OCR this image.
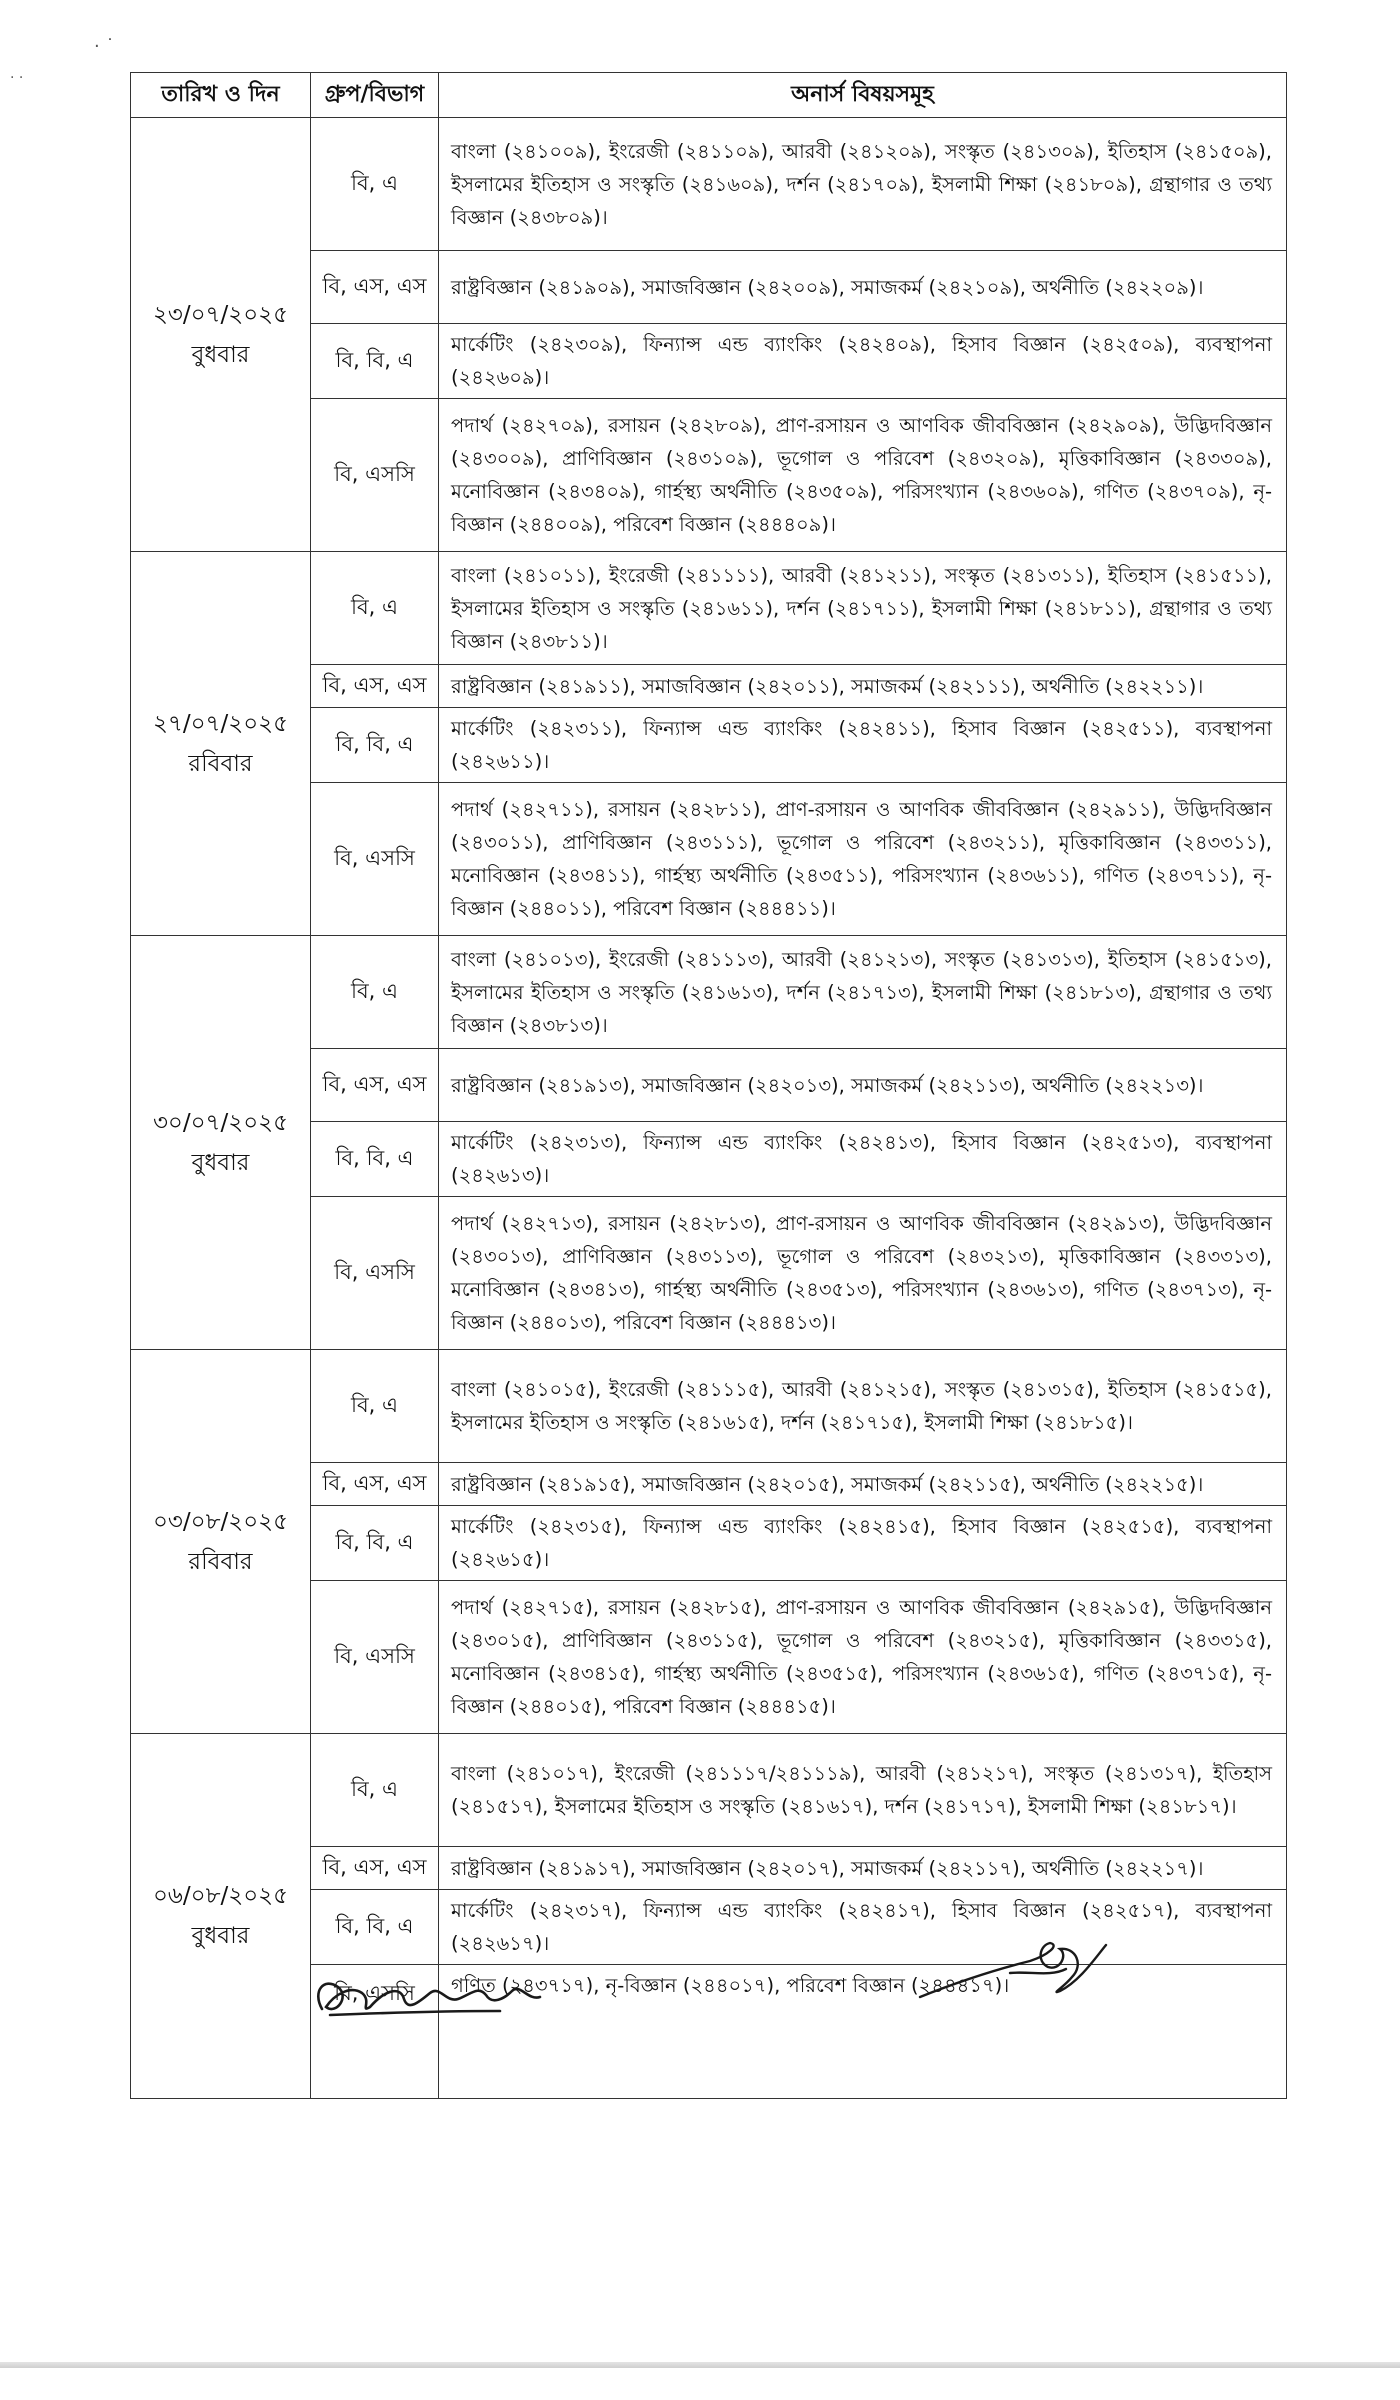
· ˙
· ·
তারিখ ও দিন	গ্রুপ/বিভাগ	অনার্স বিষয়সমূহ

২৩/০৭/২০২৫
বুধবার	বি, এ	বাংলা (২৪১০০৯), ইংরেজী (২৪১১০৯), আরবী (২৪১২০৯), সংস্কৃত (২৪১৩০৯), ইতিহাস (২৪১৫০৯), ইসলামের ইতিহাস ও সংস্কৃতি (২৪১৬০৯), দর্শন (২৪১৭০৯), ইসলামী শিক্ষা (২৪১৮০৯), গ্রন্থাগার ও তথ্য বিজ্ঞান (২৪৩৮০৯)।
	বি, এস, এস	রাষ্ট্রবিজ্ঞান (২৪১৯০৯), সমাজবিজ্ঞান (২৪২০০৯), সমাজকর্ম (২৪২১০৯), অর্থনীতি (২৪২২০৯)।
	বি, বি, এ	মার্কেটিং (২৪২৩০৯), ফিন্যান্স এন্ড ব্যাংকিং (২৪২৪০৯), হিসাব বিজ্ঞান (২৪২৫০৯), ব্যবস্থাপনা (২৪২৬০৯)।
	বি, এসসি	পদার্থ (২৪২৭০৯), রসায়ন (২৪২৮০৯), প্রাণ-রসায়ন ও আণবিক জীববিজ্ঞান (২৪২৯০৯), উদ্ভিদবিজ্ঞান (২৪৩০০৯), প্রাণিবিজ্ঞান (২৪৩১০৯), ভূগোল ও পরিবেশ (২৪৩২০৯), মৃত্তিকাবিজ্ঞান (২৪৩৩০৯), মনোবিজ্ঞান (২৪৩৪০৯), গার্হস্থ্য অর্থনীতি (২৪৩৫০৯), পরিসংখ্যান (২৪৩৬০৯), গণিত (২৪৩৭০৯), নৃ-বিজ্ঞান (২৪৪০০৯), পরিবেশ বিজ্ঞান (২৪৪৪০৯)।

২৭/০৭/২০২৫
রবিবার	বি, এ	বাংলা (২৪১০১১), ইংরেজী (২৪১১১১), আরবী (২৪১২১১), সংস্কৃত (২৪১৩১১), ইতিহাস (২৪১৫১১), ইসলামের ইতিহাস ও সংস্কৃতি (২৪১৬১১), দর্শন (২৪১৭১১), ইসলামী শিক্ষা (২৪১৮১১), গ্রন্থাগার ও তথ্য বিজ্ঞান (২৪৩৮১১)।
	বি, এস, এস	রাষ্ট্রবিজ্ঞান (২৪১৯১১), সমাজবিজ্ঞান (২৪২০১১), সমাজকর্ম (২৪২১১১), অর্থনীতি (২৪২২১১)।
	বি, বি, এ	মার্কেটিং (২৪২৩১১), ফিন্যান্স এন্ড ব্যাংকিং (২৪২৪১১), হিসাব বিজ্ঞান (২৪২৫১১), ব্যবস্থাপনা (২৪২৬১১)।
	বি, এসসি	পদার্থ (২৪২৭১১), রসায়ন (২৪২৮১১), প্রাণ-রসায়ন ও আণবিক জীববিজ্ঞান (২৪২৯১১), উদ্ভিদবিজ্ঞান (২৪৩০১১), প্রাণিবিজ্ঞান (২৪৩১১১), ভূগোল ও পরিবেশ (২৪৩২১১), মৃত্তিকাবিজ্ঞান (২৪৩৩১১), মনোবিজ্ঞান (২৪৩৪১১), গার্হস্থ্য অর্থনীতি (২৪৩৫১১), পরিসংখ্যান (২৪৩৬১১), গণিত (২৪৩৭১১), নৃ-বিজ্ঞান (২৪৪০১১), পরিবেশ বিজ্ঞান (২৪৪৪১১)।

৩০/০৭/২০২৫
বুধবার	বি, এ	বাংলা (২৪১০১৩), ইংরেজী (২৪১১১৩), আরবী (২৪১২১৩), সংস্কৃত (২৪১৩১৩), ইতিহাস (২৪১৫১৩), ইসলামের ইতিহাস ও সংস্কৃতি (২৪১৬১৩), দর্শন (২৪১৭১৩), ইসলামী শিক্ষা (২৪১৮১৩), গ্রন্থাগার ও তথ্য বিজ্ঞান (২৪৩৮১৩)।
	বি, এস, এস	রাষ্ট্রবিজ্ঞান (২৪১৯১৩), সমাজবিজ্ঞান (২৪২০১৩), সমাজকর্ম (২৪২১১৩), অর্থনীতি (২৪২২১৩)।
	বি, বি, এ	মার্কেটিং (২৪২৩১৩), ফিন্যান্স এন্ড ব্যাংকিং (২৪২৪১৩), হিসাব বিজ্ঞান (২৪২৫১৩), ব্যবস্থাপনা (২৪২৬১৩)।
	বি, এসসি	পদার্থ (২৪২৭১৩), রসায়ন (২৪২৮১৩), প্রাণ-রসায়ন ও আণবিক জীববিজ্ঞান (২৪২৯১৩), উদ্ভিদবিজ্ঞান (২৪৩০১৩), প্রাণিবিজ্ঞান (২৪৩১১৩), ভূগোল ও পরিবেশ (২৪৩২১৩), মৃত্তিকাবিজ্ঞান (২৪৩৩১৩), মনোবিজ্ঞান (২৪৩৪১৩), গার্হস্থ্য অর্থনীতি (২৪৩৫১৩), পরিসংখ্যান (২৪৩৬১৩), গণিত (২৪৩৭১৩), নৃ-বিজ্ঞান (২৪৪০১৩), পরিবেশ বিজ্ঞান (২৪৪৪১৩)।

০৩/০৮/২০২৫
রবিবার	বি, এ	বাংলা (২৪১০১৫), ইংরেজী (২৪১১১৫), আরবী (২৪১২১৫), সংস্কৃত (২৪১৩১৫), ইতিহাস (২৪১৫১৫), ইসলামের ইতিহাস ও সংস্কৃতি (২৪১৬১৫), দর্শন (২৪১৭১৫), ইসলামী শিক্ষা (২৪১৮১৫)।
	বি, এস, এস	রাষ্ট্রবিজ্ঞান (২৪১৯১৫), সমাজবিজ্ঞান (২৪২০১৫), সমাজকর্ম (২৪২১১৫), অর্থনীতি (২৪২২১৫)।
	বি, বি, এ	মার্কেটিং (২৪২৩১৫), ফিন্যান্স এন্ড ব্যাংকিং (২৪২৪১৫), হিসাব বিজ্ঞান (২৪২৫১৫), ব্যবস্থাপনা (২৪২৬১৫)।
	বি, এসসি	পদার্থ (২৪২৭১৫), রসায়ন (২৪২৮১৫), প্রাণ-রসায়ন ও আণবিক জীববিজ্ঞান (২৪২৯১৫), উদ্ভিদবিজ্ঞান (২৪৩০১৫), প্রাণিবিজ্ঞান (২৪৩১১৫), ভূগোল ও পরিবেশ (২৪৩২১৫), মৃত্তিকাবিজ্ঞান (২৪৩৩১৫), মনোবিজ্ঞান (২৪৩৪১৫), গার্হস্থ্য অর্থনীতি (২৪৩৫১৫), পরিসংখ্যান (২৪৩৬১৫), গণিত (২৪৩৭১৫), নৃ-বিজ্ঞান (২৪৪০১৫), পরিবেশ বিজ্ঞান (২৪৪৪১৫)।

০৬/০৮/২০২৫
বুধবার	বি, এ	বাংলা (২৪১০১৭), ইংরেজী (২৪১১১৭/২৪১১১৯), আরবী (২৪১২১৭), সংস্কৃত (২৪১৩১৭), ইতিহাস (২৪১৫১৭), ইসলামের ইতিহাস ও সংস্কৃতি (২৪১৬১৭), দর্শন (২৪১৭১৭), ইসলামী শিক্ষা (২৪১৮১৭)।
	বি, এস, এস	রাষ্ট্রবিজ্ঞান (২৪১৯১৭), সমাজবিজ্ঞান (২৪২০১৭), সমাজকর্ম (২৪২১১৭), অর্থনীতি (২৪২২১৭)।
	বি, বি, এ	মার্কেটিং (২৪২৩১৭), ফিন্যান্স এন্ড ব্যাংকিং (২৪২৪১৭), হিসাব বিজ্ঞান (২৪২৫১৭), ব্যবস্থাপনা (২৪২৬১৭)।
	বি, এসসি	গণিত (২৪৩৭১৭), নৃ-বিজ্ঞান (২৪৪০১৭), পরিবেশ বিজ্ঞান (২৪৪৪১৭)।
